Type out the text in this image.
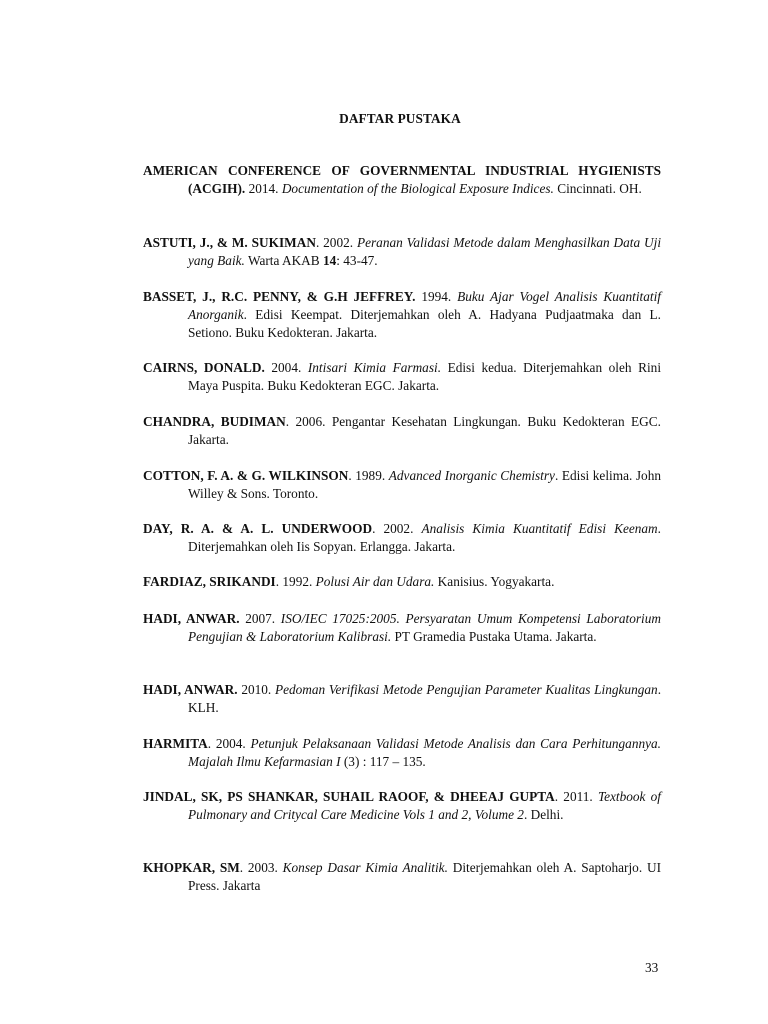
DAFTAR PUSTAKA
AMERICAN CONFERENCE OF GOVERNMENTAL INDUSTRIAL HYGIENISTS (ACGIH). 2014. Documentation of the Biological Exposure Indices. Cincinnati. OH.
ASTUTI, J., & M. SUKIMAN. 2002. Peranan Validasi Metode dalam Menghasilkan Data Uji yang Baik. Warta AKAB 14: 43-47.
BASSET, J., R.C. PENNY, & G.H JEFFREY. 1994. Buku Ajar Vogel Analisis Kuantitatif Anorganik. Edisi Keempat. Diterjemahkan oleh A. Hadyana Pudjaatmaka dan L. Setiono. Buku Kedokteran. Jakarta.
CAIRNS, DONALD. 2004. Intisari Kimia Farmasi. Edisi kedua. Diterjemahkan oleh Rini Maya Puspita. Buku Kedokteran EGC. Jakarta.
CHANDRA, BUDIMAN. 2006. Pengantar Kesehatan Lingkungan. Buku Kedokteran EGC. Jakarta.
COTTON, F. A. & G. WILKINSON. 1989. Advanced Inorganic Chemistry. Edisi kelima. John Willey & Sons. Toronto.
DAY, R. A. & A. L. UNDERWOOD. 2002. Analisis Kimia Kuantitatif Edisi Keenam. Diterjemahkan oleh Iis Sopyan. Erlangga. Jakarta.
FARDIAZ, SRIKANDI. 1992. Polusi Air dan Udara. Kanisius. Yogyakarta.
HADI, ANWAR. 2007. ISO/IEC 17025:2005. Persyaratan Umum Kompetensi Laboratorium Pengujian & Laboratorium Kalibrasi. PT Gramedia Pustaka Utama. Jakarta.
HADI, ANWAR. 2010. Pedoman Verifikasi Metode Pengujian Parameter Kualitas Lingkungan. KLH.
HARMITA. 2004. Petunjuk Pelaksanaan Validasi Metode Analisis dan Cara Perhitungannya. Majalah Ilmu Kefarmasian I (3) : 117 – 135.
JINDAL, SK, PS SHANKAR, SUHAIL RAOOF, & DHEEAJ GUPTA. 2011. Textbook of Pulmonary and Critycal Care Medicine Vols 1 and 2, Volume 2. Delhi.
KHOPKAR, SM. 2003. Konsep Dasar Kimia Analitik. Diterjemahkan oleh A. Saptoharjo. UI Press. Jakarta
33
